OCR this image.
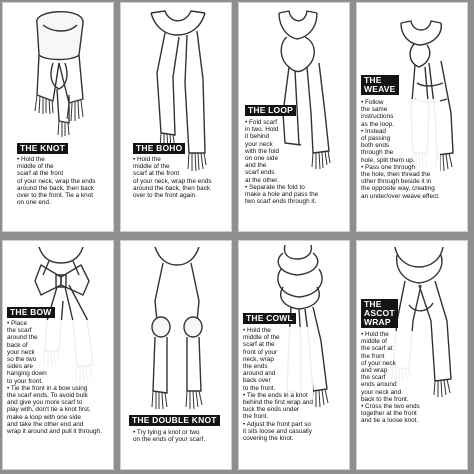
THE KNOT
• Hold the
middle of the
scarf at the front
of your neck, wrap the ends
around the back, then back
over to the front. Tie a knot
on one end.
THE BOHO
• Hold the
middle of the
scarf at the front
of your neck, wrap the ends
around the back, then back
over to the front again.
THE LOOP
• Fold scarf
in two. Hold
it behind
your neck
with the fold
on one side
and the
scarf ends
at the other.
• Separate the fold to
make a hole and pass the
two scarf ends through it.
THE
WEAVE
• Follow
the same
instructions
as the loop.
• Instead
of passing
both ends
through the
hole, split them up.
• Pass one through
the hole, then thread the
other through beside it in
the opposite way, creating
an under/over weave effect.
THE BOW
• Place
the scarf
around the
back of
your neck
so the two
sides are
hanging down
to your front.
• Tie the front in a bow using
the scarf ends. To avoid bulk
and give you more scarf to
play with, don't tie a knot first,
make a loop with one side
and take the other end and
wrap it around and pull it through.
THE DOUBLE KNOT
• Try tying a knot or two
on the ends of your scarf.
THE COWL
• Hold the
middle of the
scarf at the
front of your
neck, wrap
the ends
around and
back over
to the front.
• Tie the ends in a knot
behind the first wrap and
tuck the ends under
the front.
• Adjust the front part so
it sits loose and casually
covering the knot.
THE
ASCOT
WRAP
• Hold the
middle of
the scarf at
the front
of your neck
and wrap
the scarf
ends around
your neck and
back to the front.
• Cross the two ends
together at the front
and tie a loose knot.
